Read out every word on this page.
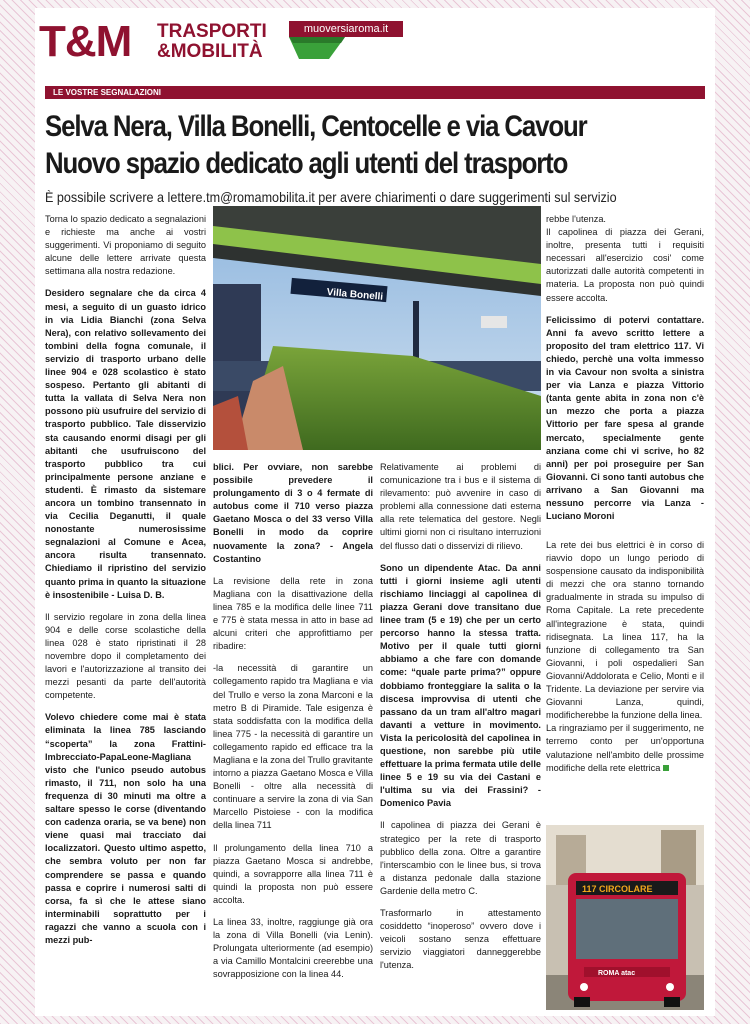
T&M TRASPORTI
&MOBILITÀ
muoversiaroma.it
LE VOSTRE SEGNALAZIONI
Selva Nera, Villa Bonelli, Centocelle e via Cavour
Nuovo spazio dedicato agli utenti del trasporto
È possibile scrivere a lettere.tm@romamobilita.it per avere chiarimenti o dare suggerimenti sul servizio

Torna lo spazio dedicato a segnalazioni e richieste ma anche ai vostri suggerimenti. Vi proponiamo di seguito alcune delle lettere arrivate questa settimana alla nostra redazione.

Desidero segnalare che da circa 4 mesi, a seguito di un guasto idrico in via Lidia Bianchi (zona Selva Nera), con relativo sollevamento dei tombini della fogna comunale, il servizio di trasporto urbano delle linee 904 e 028 scolastico è stato sospeso. Pertanto gli abitanti di tutta la vallata di Selva Nera non possono più usufruire del servizio di trasporto pubblico. Tale disservizio sta causando enormi disagi per gli abitanti che usufruiscono del trasporto pubblico tra cui principalmente persone anziane e studenti. È rimasto da sistemare ancora un tombino transennato in via Cecilia Deganutti, il quale nonostante numerosissime segnalazioni al Comune e Acea, ancora risulta transennato. Chiediamo il ripristino del servizio quanto prima in quanto la situazione è insostenibile - Luisa D. B.

Il servizio regolare in zona della linea 904 e delle corse scolastiche della linea 028 è stato ripristinati il 28 novembre dopo il completamento dei lavori e l'autorizzazione al transito dei mezzi pesanti da parte dell'autorità competente.

Volevo chiedere come mai è stata eliminata la linea 785 lasciando “scoperta” la zona Frattini-Imbrecciato-PapaLeone-Magliana visto che l'unico pseudo autobus rimasto, il 711, non solo ha una frequenza di 30 minuti ma oltre a saltare spesso le corse (diventando con cadenza oraria, se va bene) non viene quasi mai tracciato dai localizzatori. Questo ultimo aspetto, che sembra voluto per non far comprendere se passa e quando passa e coprire i numerosi salti di corsa, fa sì che le attese siano interminabili soprattutto per i ragazzi che vanno a scuola con i mezzi pub-

Villa Bonelli

blici. Per ovviare, non sarebbe possibile prevedere il prolungamento di 3 o 4 fermate di autobus come il 710 verso piazza Gaetano Mosca o del 33 verso Villa Bonelli in modo da coprire nuovamente la zona? - Angela Costantino

La revisione della rete in zona Magliana con la disattivazione della linea 785 e la modifica delle linee 711 e 775 è stata messa in atto in base ad alcuni criteri che approfittiamo per ribadire:

-la necessità di garantire un collegamento rapido tra Magliana e via del Trullo e verso la zona Marconi e la metro B di Piramide. Tale esigenza è stata soddisfatta con la modifica della linea 775 - la necessità di garantire un collegamento rapido ed efficace tra la Magliana e la zona del Trullo gravitante intorno a piazza Gaetano Mosca e Villa Bonelli - oltre alla necessità di continuare a servire la zona di via San Marcello Pistoiese - con la modifica della linea 711

Il prolungamento della linea 710 a piazza Gaetano Mosca si andrebbe, quindi, a sovrapporre alla linea 711 è quindi la proposta non può essere accolta.

La linea 33, inoltre, raggiunge già ora la zona di Villa Bonelli (via Lenin). Prolungata ulteriormente (ad esempio) a via Camillo Montalcini creerebbe una sovrapposizione con la linea 44.

Relativamente ai problemi di comunicazione tra i bus e il sistema di rilevamento: può avvenire in caso di problemi alla connessione dati esterna alla rete telematica del gestore. Negli ultimi giorni non ci risultano interruzioni del flusso dati o disservizi di rilievo.

Sono un dipendente Atac. Da anni tutti i giorni insieme agli utenti rischiamo linciaggi al capolinea di piazza Gerani dove transitano due linee tram (5 e 19) che per un certo percorso hanno la stessa tratta. Motivo per il quale tutti giorni abbiamo a che fare con domande come: “quale parte prima?” oppure dobbiamo fronteggiare la salita o la discesa improvvisa di utenti che passano da un tram all'altro magari davanti a vetture in movimento. Vista la pericolosità del capolinea in questione, non sarebbe più utile effettuare la prima fermata utile delle linee 5 e 19 su via dei Castani e l'ultima su via dei Frassini? - Domenico Pavia

Il capolinea di piazza dei Gerani è strategico per la rete di trasporto pubblico della zona. Oltre a garantire l'interscambio con le linee bus, si trova a distanza pedonale dalla stazione Gardenie della metro C.

Trasformarlo in attestamento cosiddetto “inoperoso” ovvero dove i veicoli sostano senza effettuare servizio viaggiatori danneggerebbe l'utenza.

rebbe l'utenza.

Il capolinea di piazza dei Gerani, inoltre, presenta tutti i requisiti necessari all'esercizio cosi' come autorizzati dalle autorità competenti in materia. La proposta non può quindi essere accolta.

Felicissimo di potervi contattare. Anni fa avevo scritto lettere a proposito del tram elettrico 117. Vi chiedo, perchè una volta immesso in via Cavour non svolta a sinistra per via Lanza e piazza Vittorio (tanta gente abita in zona non c'è un mezzo che porta a piazza Vittorio per fare spesa al grande mercato, specialmente gente anziana come chi vi scrive, ho 82 anni) per poi proseguire per San Giovanni. Ci sono tanti autobus che arrivano a San Giovanni ma nessuno percorre via Lanza - Luciano Moroni

La rete dei bus elettrici è in corso di riavvio dopo un lungo periodo di sospensione causato da indisponibilità di mezzi che ora stanno tornando gradualmente in strada su impulso di Roma Capitale. La rete precedente all'integrazione è stata, quindi ridisegnata. La linea 117, ha la funzione di collegamento tra San Giovanni, i poli ospedalieri San Giovanni/Addolorata e Celio, Monti e il Tridente. La deviazione per servire via Giovanni Lanza, quindi, modificherebbe la funzione della linea.

La ringraziamo per il suggerimento, ne terremo conto per un'opportuna valutazione nell'ambito delle prossime modifiche della rete elettrica

117 CIRCOLARE
ROMA atac
